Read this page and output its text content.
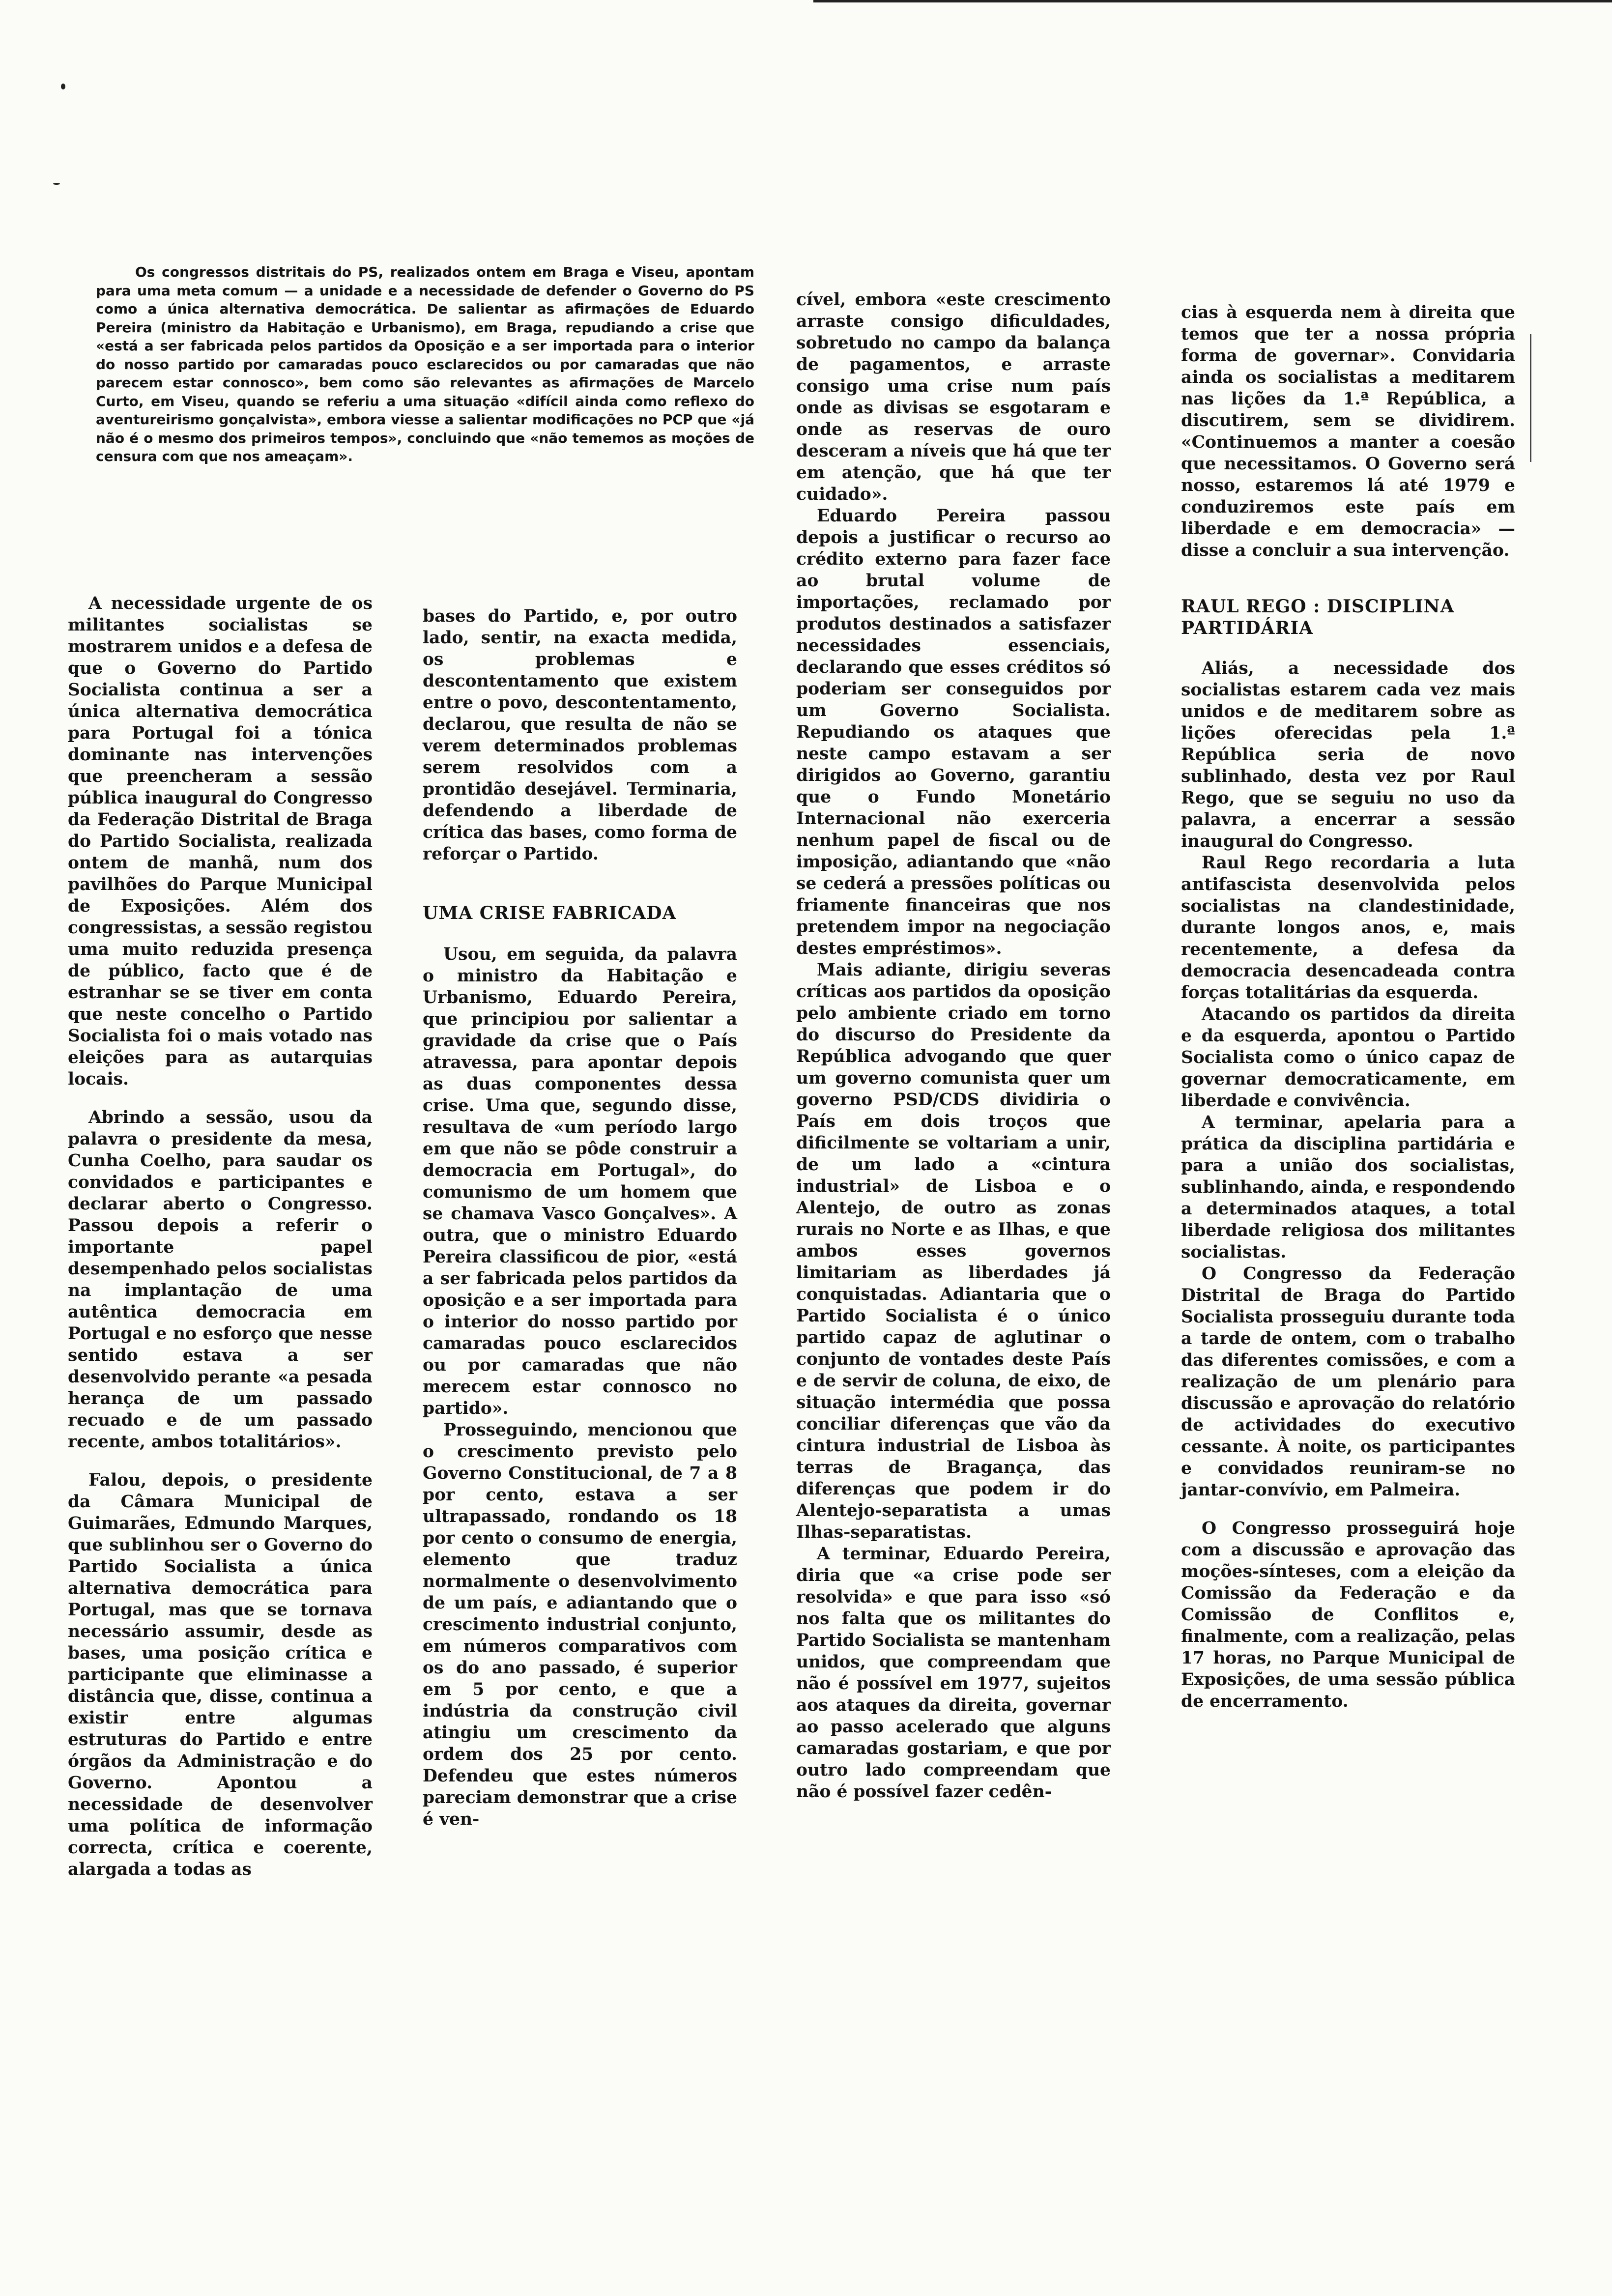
Os congressos distritais do PS, realizados ontem em Braga e Viseu, apontam para uma meta comum — a unidade e a necessidade de defender o Governo do PS como a única alternativa democrática. De salientar as afirmações de Eduardo Pereira (ministro da Habitação e Urbanismo), em Braga, repudiando a crise que «está a ser fabricada pelos partidos da Oposição e a ser importada para o interior do nosso partido por camaradas pouco esclarecidos ou por camaradas que não parecem estar connosco», bem como são relevantes as afirmações de Marcelo Curto, em Viseu, quando se referiu a uma situação «difícil ainda como reflexo do aventureirismo gonçalvista», embora viesse a salientar modificações no PCP que «já não é o mesmo dos primeiros tempos», concluindo que «não tememos as moções de censura com que nos ameaçam».

A necessidade urgente de os militantes socialistas se mostrarem unidos e a defesa de que o Governo do Partido Socialista continua a ser a única alternativa democrática para Portugal foi a tónica dominante nas intervenções que preencheram a sessão pública inaugural do Congresso da Federação Distrital de Braga do Partido Socialista, realizada ontem de manhã, num dos pavilhões do Parque Municipal de Exposições. Além dos congressistas, a sessão registou uma muito reduzida presença de público, facto que é de estranhar se se tiver em conta que neste concelho o Partido Socialista foi o mais votado nas eleições para as autarquias locais.

Abrindo a sessão, usou da palavra o presidente da mesa, Cunha Coelho, para saudar os convidados e participantes e declarar aberto o Congresso. Passou depois a referir o importante papel desempenhado pelos socialistas na implantação de uma autêntica democracia em Portugal e no esforço que nesse sentido estava a ser desenvolvido perante «a pesada herança de um passado recuado e de um passado recente, ambos totalitários».

Falou, depois, o presidente da Câmara Municipal de Guimarães, Edmundo Marques, que sublinhou ser o Governo do Partido Socialista a única alternativa democrática para Portugal, mas que se tornava necessário assumir, desde as bases, uma posição crítica e participante que eliminasse a distância que, disse, continua a existir entre algumas estruturas do Partido e entre órgãos da Administração e do Governo. Apontou a necessidade de desenvolver uma política de informação correcta, crítica e coerente, alargada a todas as

bases do Partido, e, por outro lado, sentir, na exacta medida, os problemas e descontentamento que existem entre o povo, descontentamento, declarou, que resulta de não se verem determinados problemas serem resolvidos com a prontidão desejável. Terminaria, defendendo a liberdade de crítica das bases, como forma de reforçar o Partido.

UMA CRISE FABRICADA

Usou, em seguida, da palavra o ministro da Habitação e Urbanismo, Eduardo Pereira, que principiou por salientar a gravidade da crise que o País atravessa, para apontar depois as duas componentes dessa crise. Uma que, segundo disse, resultava de «um período largo em que não se pôde construir a democracia em Portugal», do comunismo de um homem que se chamava Vasco Gonçalves». A outra, que o ministro Eduardo Pereira classificou de pior, «está a ser fabricada pelos partidos da oposição e a ser importada para o interior do nosso partido por camaradas pouco esclarecidos ou por camaradas que não merecem estar connosco no partido».

Prosseguindo, mencionou que o crescimento previsto pelo Governo Constitucional, de 7 a 8 por cento, estava a ser ultrapassado, rondando os 18 por cento o consumo de energia, elemento que traduz normalmente o desenvolvimento de um país, e adiantando que o crescimento industrial conjunto, em números comparativos com os do ano passado, é superior em 5 por cento, e que a indústria da construção civil atingiu um crescimento da ordem dos 25 por cento. Defendeu que estes números pareciam demonstrar que a crise é ven-

cível, embora «este crescimento arraste consigo dificuldades, sobretudo no campo da balança de pagamentos, e arraste consigo uma crise num país onde as divisas se esgotaram e onde as reservas de ouro desceram a níveis que há que ter em atenção, que há que ter cuidado».

Eduardo Pereira passou depois a justificar o recurso ao crédito externo para fazer face ao brutal volume de importações, reclamado por produtos destinados a satisfazer necessidades essenciais, declarando que esses créditos só poderiam ser conseguidos por um Governo Socialista. Repudiando os ataques que neste campo estavam a ser dirigidos ao Governo, garantiu que o Fundo Monetário Internacional não exerceria nenhum papel de fiscal ou de imposição, adiantando que «não se cederá a pressões políticas ou friamente financeiras que nos pretendem impor na negociação destes empréstimos».

Mais adiante, dirigiu severas críticas aos partidos da oposição pelo ambiente criado em torno do discurso do Presidente da República advogando que quer um governo comunista quer um governo PSD/CDS dividiria o País em dois troços que dificilmente se voltariam a unir, de um lado a «cintura industrial» de Lisboa e o Alentejo, de outro as zonas rurais no Norte e as Ilhas, e que ambos esses governos limitariam as liberdades já conquistadas. Adiantaria que o Partido Socialista é o único partido capaz de aglutinar o conjunto de vontades deste País e de servir de coluna, de eixo, de situação intermédia que possa conciliar diferenças que vão da cintura industrial de Lisboa às terras de Bragança, das diferenças que podem ir do Alentejo-separatista a umas Ilhas-separatistas.

A terminar, Eduardo Pereira, diria que «a crise pode ser resolvida» e que para isso «só nos falta que os militantes do Partido Socialista se mantenham unidos, que compreendam que não é possível em 1977, sujeitos aos ataques da direita, governar ao passo acelerado que alguns camaradas gostariam, e que por outro lado compreendam que não é possível fazer cedên-

cias à esquerda nem à direita que temos que ter a nossa própria forma de governar». Convidaria ainda os socialistas a meditarem nas lições da 1.ª República, a discutirem, sem se dividirem. «Continuemos a manter a coesão que necessitamos. O Governo será nosso, estaremos lá até 1979 e conduziremos este país em liberdade e em democracia» — disse a concluir a sua intervenção.

RAUL REGO : DISCIPLINA PARTIDÁRIA

Aliás, a necessidade dos socialistas estarem cada vez mais unidos e de meditarem sobre as lições oferecidas pela 1.ª República seria de novo sublinhado, desta vez por Raul Rego, que se seguiu no uso da palavra, a encerrar a sessão inaugural do Congresso.

Raul Rego recordaria a luta antifascista desenvolvida pelos socialistas na clandestinidade, durante longos anos, e, mais recentemente, a defesa da democracia desencadeada contra forças totalitárias da esquerda.

Atacando os partidos da direita e da esquerda, apontou o Partido Socialista como o único capaz de governar democraticamente, em liberdade e convivência.

A terminar, apelaria para a prática da disciplina partidária e para a união dos socialistas, sublinhando, ainda, e respondendo a determinados ataques, a total liberdade religiosa dos militantes socialistas.

O Congresso da Federação Distrital de Braga do Partido Socialista prosseguiu durante toda a tarde de ontem, com o trabalho das diferentes comissões, e com a realização de um plenário para discussão e aprovação do relatório de actividades do executivo cessante. À noite, os participantes e convidados reuniram-se no jantar-convívio, em Palmeira.

O Congresso prosseguirá hoje com a discussão e aprovação das moções-sínteses, com a eleição da Comissão da Federação e da Comissão de Conflitos e, finalmente, com a realização, pelas 17 horas, no Parque Municipal de Exposições, de uma sessão pública de encerramento.
